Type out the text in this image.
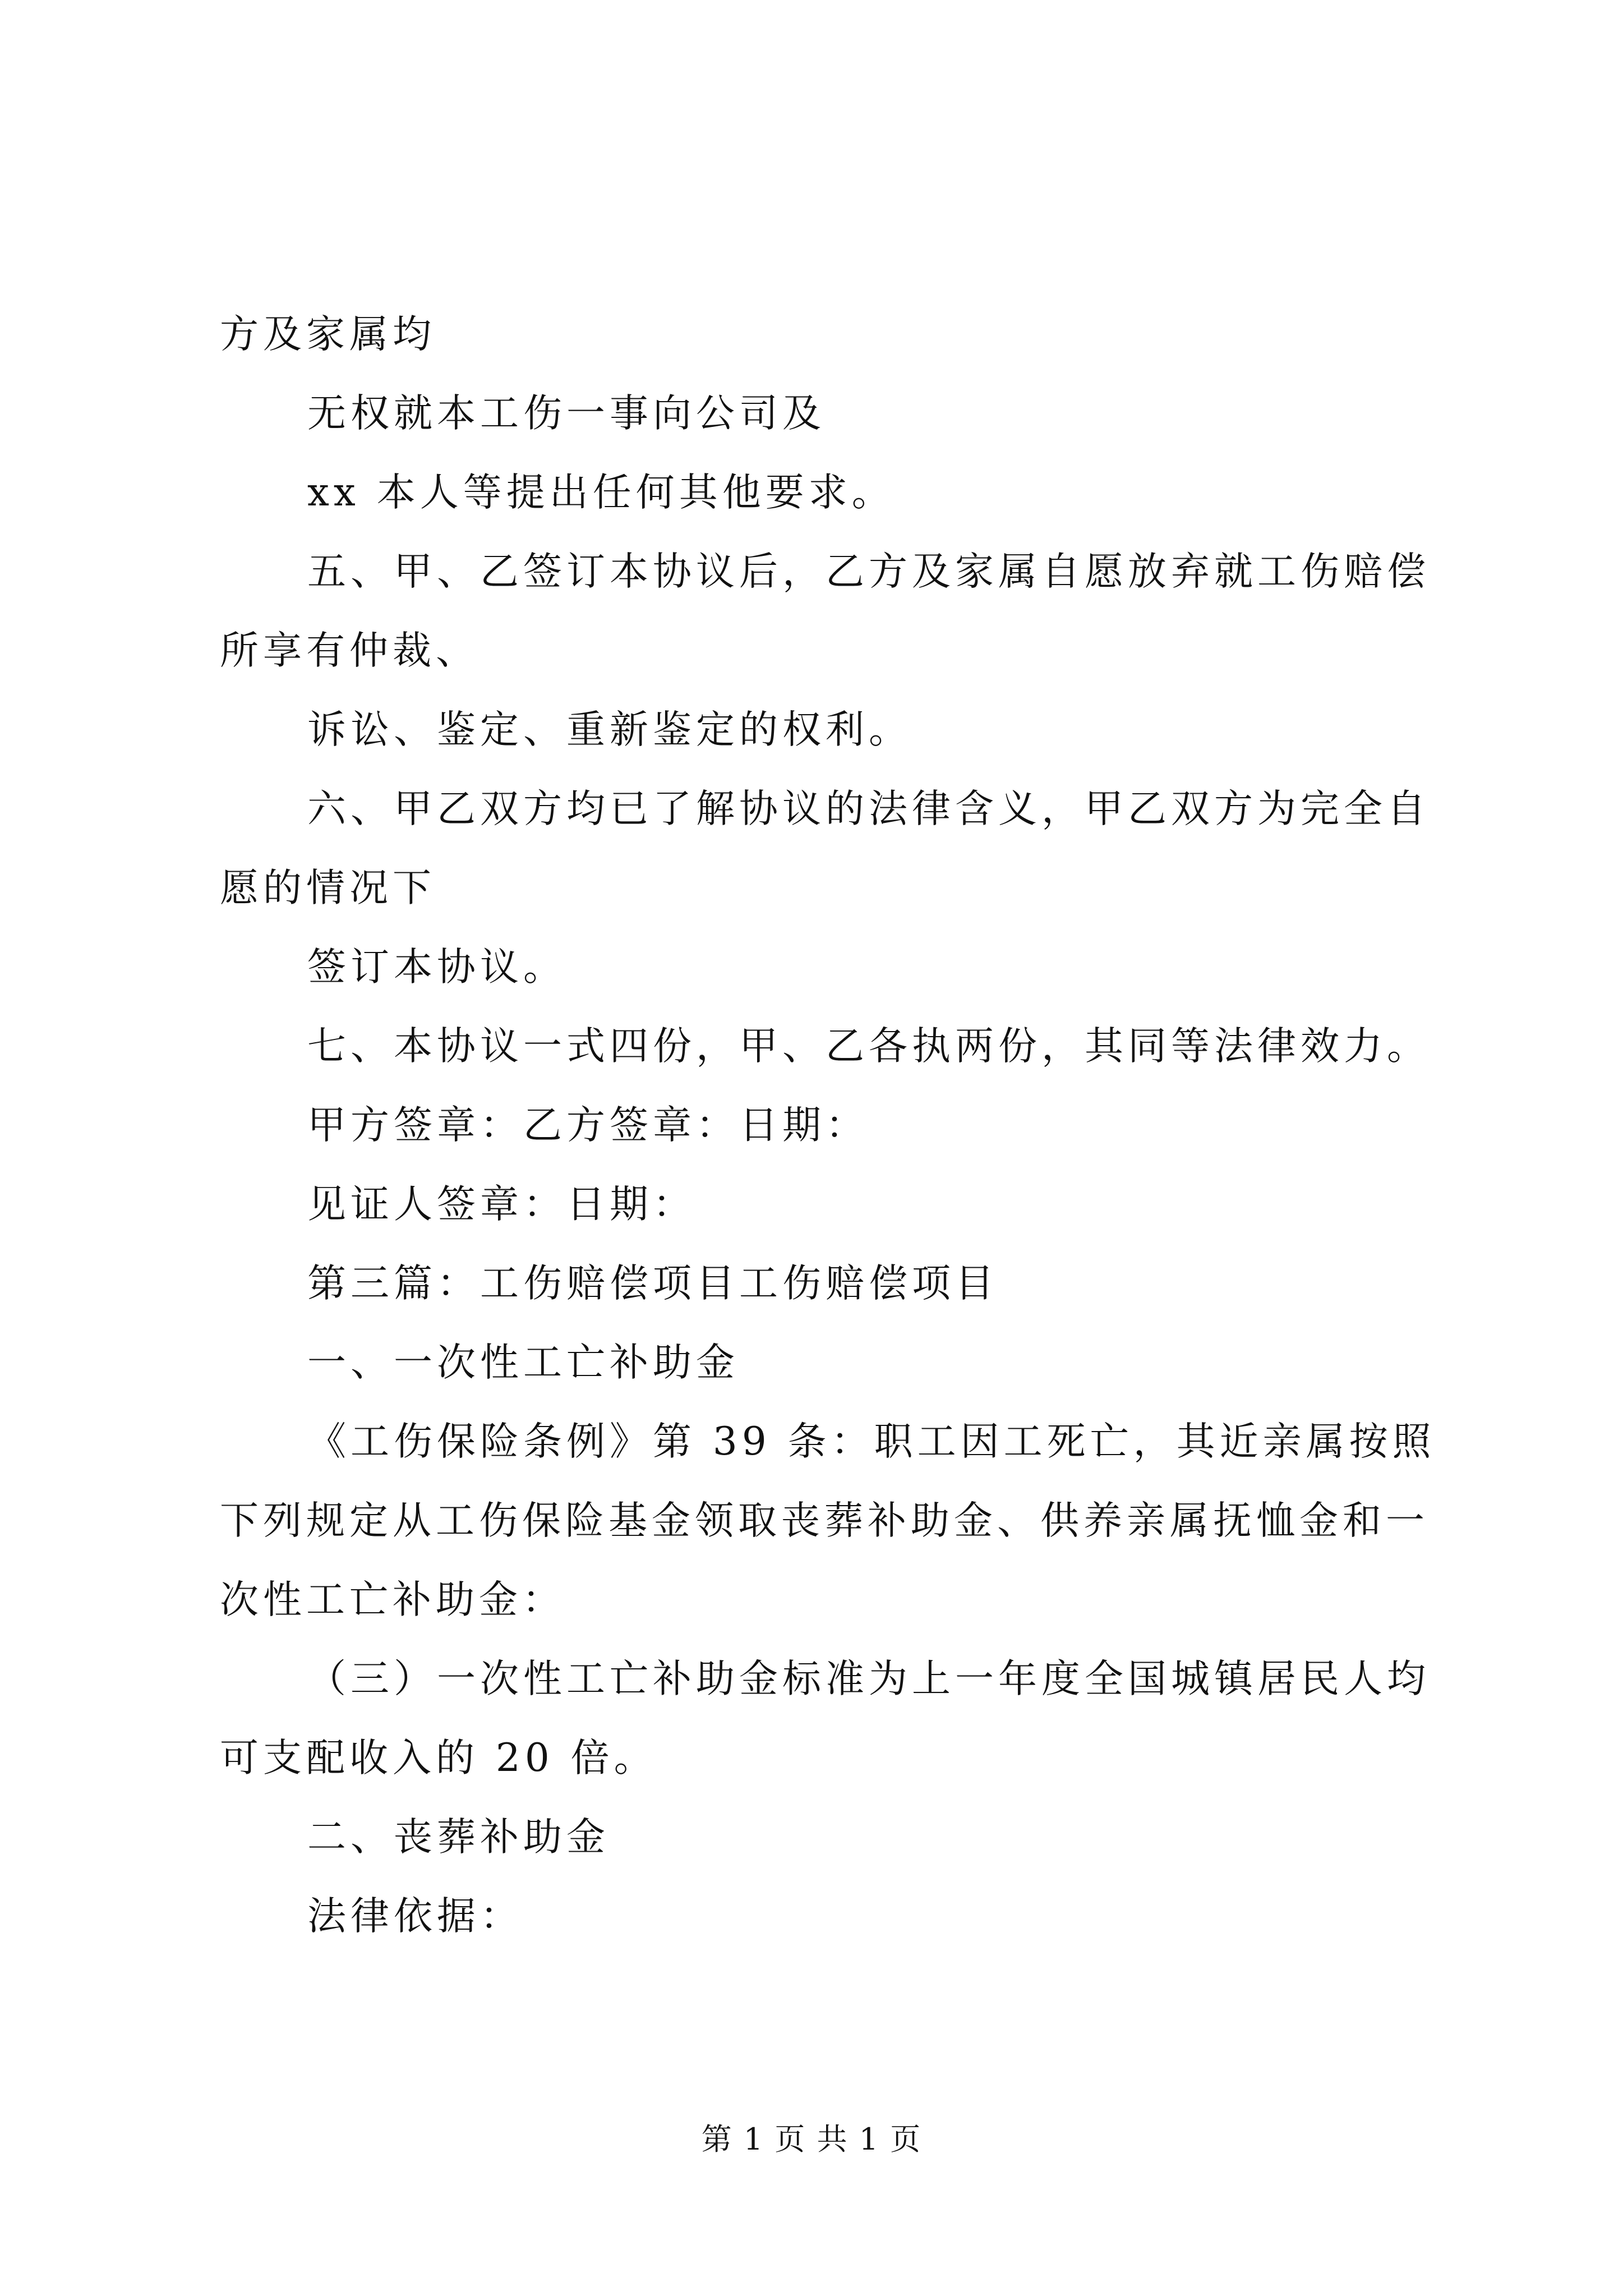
方及家属均
无权就本工伤一事向公司及
xx 本人等提出任何其他要求。
五、甲、乙签订本协议后，乙方及家属自愿放弃就工伤赔偿
所享有仲裁、
诉讼、鉴定、重新鉴定的权利。
六、甲乙双方均已了解协议的法律含义，甲乙双方为完全自
愿的情况下
签订本协议。
七、本协议一式四份，甲、乙各执两份，其同等法律效力。
甲方签章：乙方签章：日期：
见证人签章：日期：
第三篇：工伤赔偿项目工伤赔偿项目
一、一次性工亡补助金
《工伤保险条例》第 39 条：职工因工死亡，其近亲属按照
下列规定从工伤保险基金领取丧葬补助金、供养亲属抚恤金和一
次性工亡补助金：
（三）一次性工亡补助金标准为上一年度全国城镇居民人均
可支配收入的 20 倍。
二、丧葬补助金
法律依据：
第 1 页 共 1 页
